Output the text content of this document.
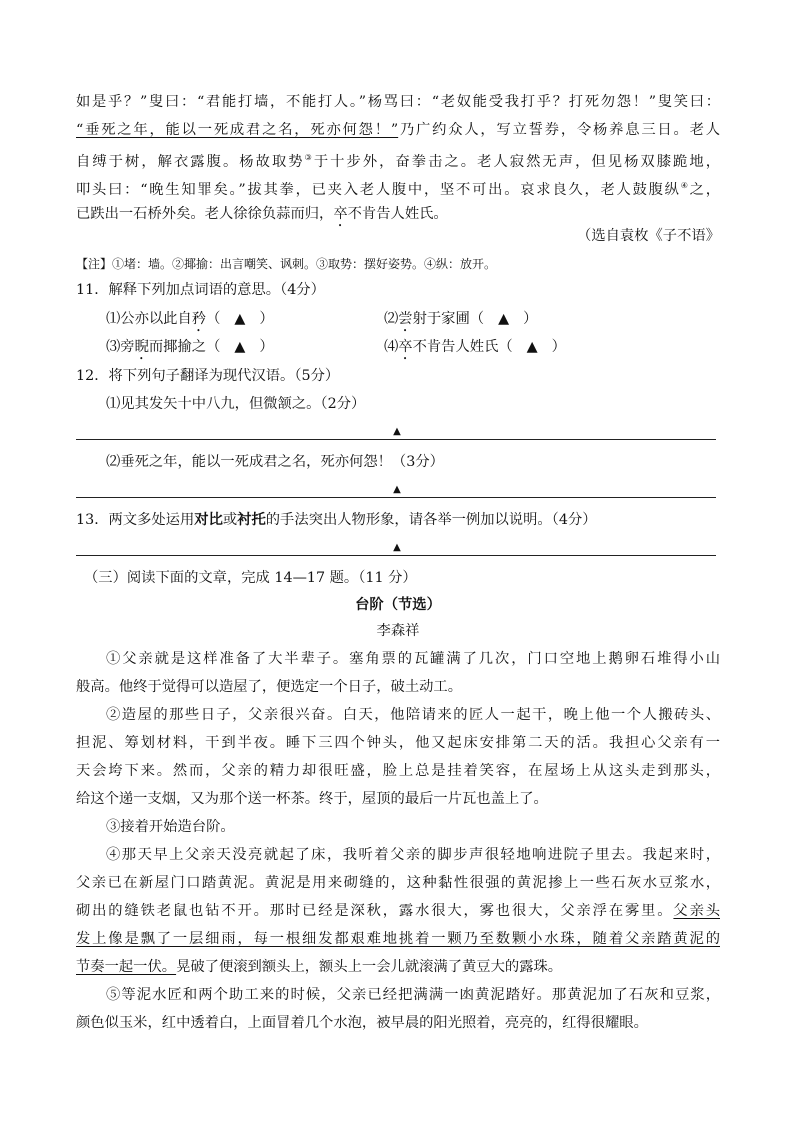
如是乎？”叟曰：“君能打墙，不能打人。”杨骂曰：“老奴能受我打乎？打死勿怨！”叟笑曰：
“垂死之年，能以一死成君之名，死亦何怨！”乃广约众人，写立誓券，令杨养息三日。老人
自缚于树，解衣露腹。杨故取势③于十步外，奋拳击之。老人寂然无声，但见杨双膝跪地，
叩头曰：“晚生知罪矣。”拔其拳，已夹入老人腹中，坚不可出。哀求良久，老人鼓腹纵④之，
已跌出一石桥外矣。老人徐徐负蒜而归，卒不肯告人姓氏。
（选自袁枚《子不语》
【注】①堵：墙。②揶揄：出言嘲笑、讽刺。③取势：摆好姿势。④纵：放开。
11．解释下列加点词语的意思。（4分）
⑴公亦以此自矜（ ▲ ）	⑵尝射于家圃（ ▲ ）
⑶旁睨而揶揄之（ ▲ ）	⑷卒不肯告人姓氏（ ▲ ）
12．将下列句子翻译为现代汉语。（5分）
⑴见其发矢十中八九，但微颔之。（2分）
▲
⑵垂死之年，能以一死成君之名，死亦何怨！（3分）
▲
13．两文多处运用对比或衬托的手法突出人物形象，请各举一例加以说明。（4分）
▲
（三）阅读下面的文章，完成 14—17 题。（11 分）
台阶（节选）
李森祥
①父亲就是这样准备了大半辈子。塞角票的瓦罐满了几次，门口空地上鹅卵石堆得小山
般高。他终于觉得可以造屋了，便选定一个日子，破土动工。
②造屋的那些日子，父亲很兴奋。白天，他陪请来的匠人一起干，晚上他一个人搬砖头、
担泥、筹划材料，干到半夜。睡下三四个钟头，他又起床安排第二天的活。我担心父亲有一
天会垮下来。然而，父亲的精力却很旺盛，脸上总是挂着笑容，在屋场上从这头走到那头，
给这个递一支烟，又为那个送一杯茶。终于，屋顶的最后一片瓦也盖上了。
③接着开始造台阶。
④那天早上父亲天没亮就起了床，我听着父亲的脚步声很轻地响进院子里去。我起来时，
父亲已在新屋门口踏黄泥。黄泥是用来砌缝的，这种黏性很强的黄泥掺上一些石灰水豆浆水，
砌出的缝铁老鼠也钻不开。那时已经是深秋，露水很大，雾也很大，父亲浮在雾里。父亲头
发上像是飘了一层细雨，每一根细发都艰难地挑着一颗乃至数颗小水珠，随着父亲踏黄泥的
节奏一起一伏。晃破了便滚到额头上，额头上一会儿就滚满了黄豆大的露珠。
⑤等泥水匠和两个助工来的时候，父亲已经把满满一凼黄泥踏好。那黄泥加了石灰和豆浆，
颜色似玉米，红中透着白，上面冒着几个水泡，被早晨的阳光照着，亮亮的，红得很耀眼。
